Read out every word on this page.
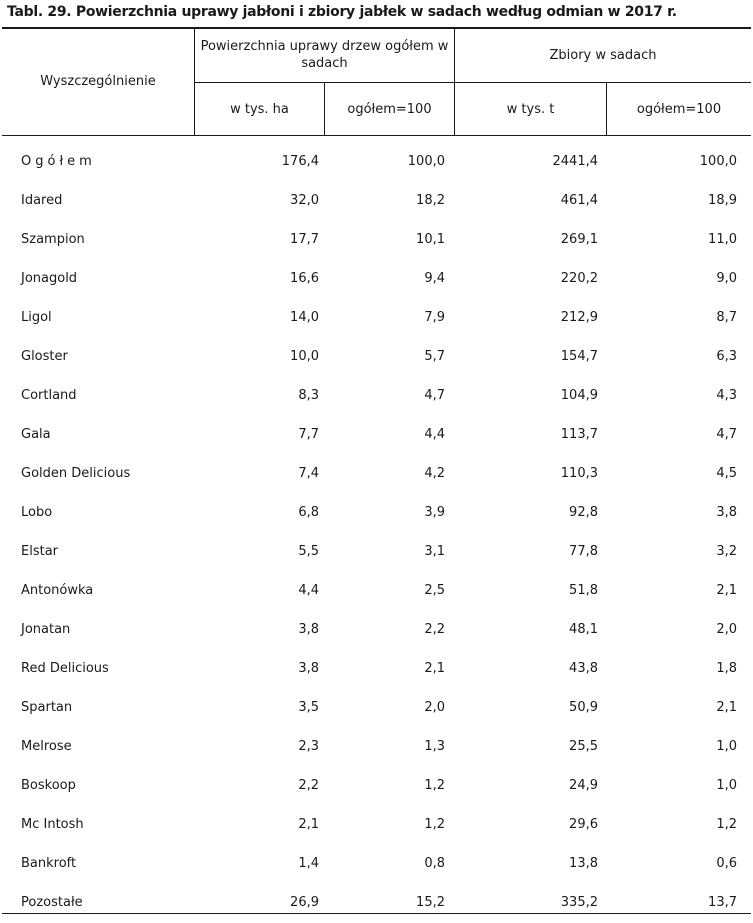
Tabl. 29. Powierzchnia uprawy jabłoni i zbiory jabłek w sadach według odmian w 2017 r.
Wyszczególnienie
Powierzchnia uprawy drzew ogółem w sadach
Zbiory w sadach
w tys. ha	ogółem=100	w tys. t	ogółem=100
Ogółem	176,4	100,0	2441,4	100,0
Idared	32,0	18,2	461,4	18,9
Szampion	17,7	10,1	269,1	11,0
Jonagold	16,6	9,4	220,2	9,0
Ligol	14,0	7,9	212,9	8,7
Gloster	10,0	5,7	154,7	6,3
Cortland	8,3	4,7	104,9	4,3
Gala	7,7	4,4	113,7	4,7
Golden Delicious	7,4	4,2	110,3	4,5
Lobo	6,8	3,9	92,8	3,8
Elstar	5,5	3,1	77,8	3,2
Antonówka	4,4	2,5	51,8	2,1
Jonatan	3,8	2,2	48,1	2,0
Red Delicious	3,8	2,1	43,8	1,8
Spartan	3,5	2,0	50,9	2,1
Melrose	2,3	1,3	25,5	1,0
Boskoop	2,2	1,2	24,9	1,0
Mc Intosh	2,1	1,2	29,6	1,2
Bankroft	1,4	0,8	13,8	0,6
Pozostałe	26,9	15,2	335,2	13,7
